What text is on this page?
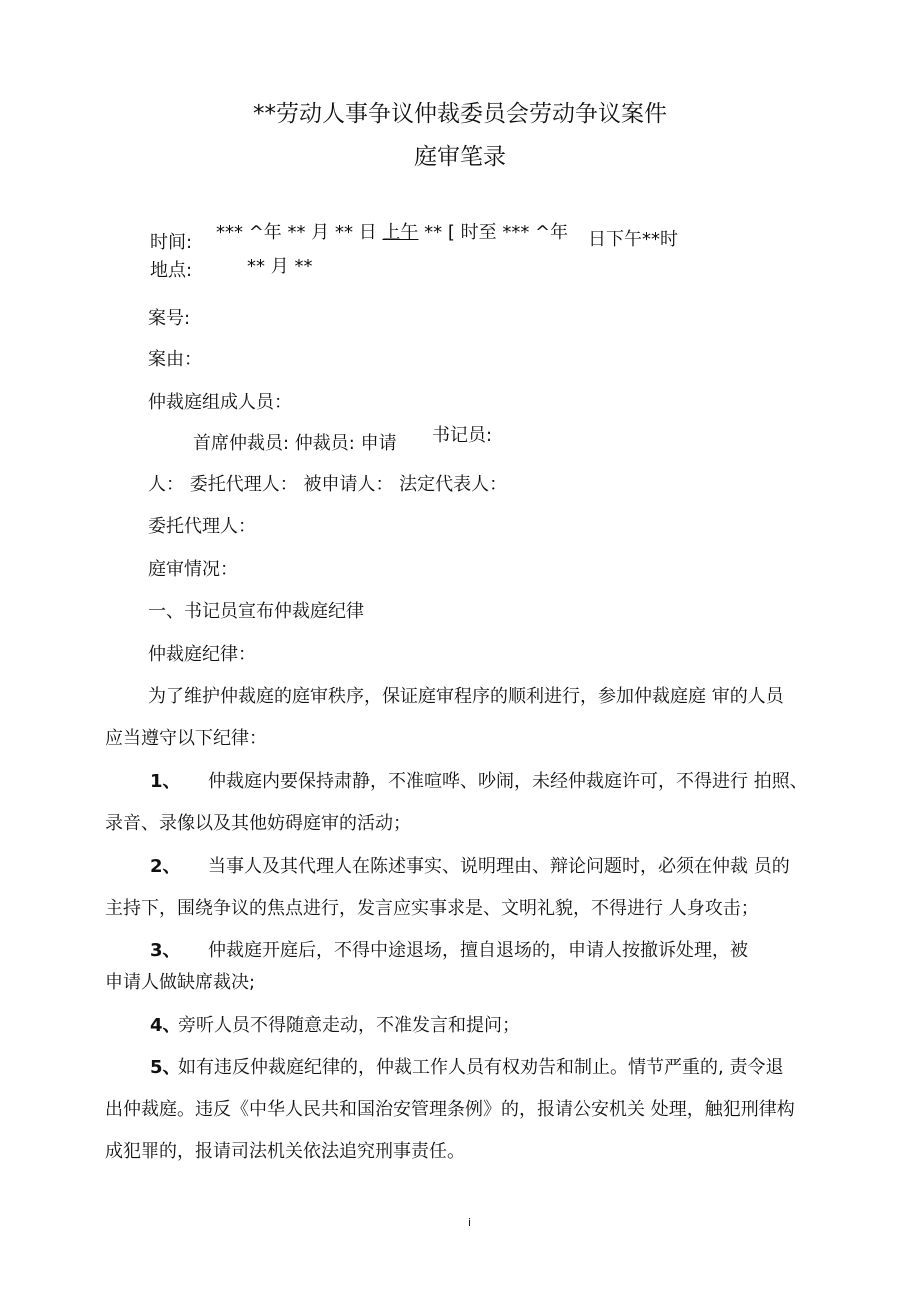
**劳动人事争议仲裁委员会劳动争议案件
庭审笔录
时间:
地点:
*** ^年 ** 月 ** 日 上午 ** [ 时至 *** ^年 日下午**时
** 月 **
案号:
案由：
仲裁庭组成人员：
首席仲裁员: 仲裁员: 申请 书记员:
人： 委托代理人： 被申请人： 法定代表人：
委托代理人：
庭审情况：
一、书记员宣布仲裁庭纪律
仲裁庭纪律：
为了维护仲裁庭的庭审秩序，保证庭审程序的顺利进行，参加仲裁庭庭 审的人员
应当遵守以下纪律：
1、 仲裁庭内要保持肃静，不准喧哗、吵闹，未经仲裁庭许可，不得进行 拍照、
录音、录像以及其他妨碍庭审的活动；
2、 当事人及其代理人在陈述事实、说明理由、辩论问题时，必须在仲裁 员的
主持下，围绕争议的焦点进行，发言应实事求是、文明礼貌，不得进行 人身攻击；
3、 仲裁庭开庭后，不得中途退场，擅自退场的，申请人按撤诉处理，被
申请人做缺席裁决;
4、
旁听人员不得随意走动，不准发言和提问；
5、
如有违反仲裁庭纪律的，仲裁工作人员有权劝告和制止。情节严重的, 责令退
出仲裁庭。违反《中华人民共和国治安管理条例》的，报请公安机关 处理，触犯刑律构
成犯罪的，报请司法机关依法追究刑事责任。
i
